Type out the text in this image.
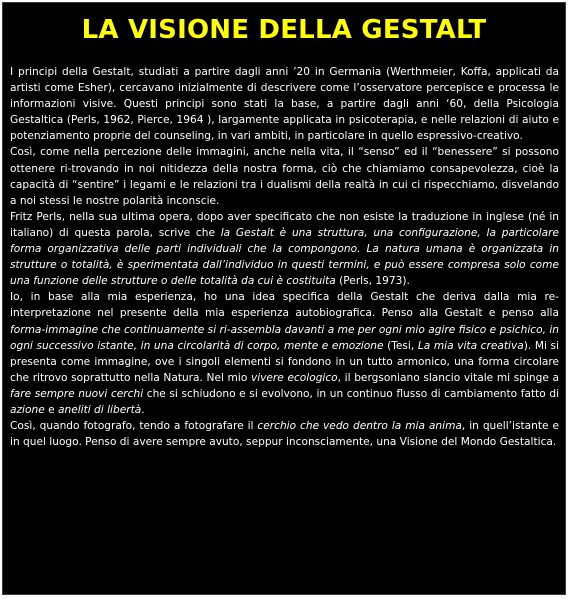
LA VISIONE DELLA GESTALT

I principi della Gestalt, studiati a partire dagli anni ’20 in Germania (Werthmeier, Koffa, applicati da artisti come Esher), cercavano inizialmente di descrivere come l’osservatore percepisce e processa le informazioni visive. Questi principi sono stati la base, a partire dagli anni ‘60, della Psicologia Gestaltica (Perls, 1962, Pierce, 1964 ), largamente applicata in psicoterapia, e nelle relazioni di aiuto e potenziamento proprie del counseling, in vari ambiti, in particolare in quello espressivo-creativo.

Così, come nella percezione delle immagini, anche nella vita, il “senso” ed il “benessere” si possono ottenere ri-trovando in noi nitidezza della nostra forma, ciò che chiamiamo consapevolezza, cioè la capacità di “sentire” i legami e le relazioni tra i dualismi della realtà in cui ci rispecchiamo, disvelando a noi stessi le nostre polarità inconscie.

Fritz Perls, nella sua ultima opera, dopo aver specificato che non esiste la traduzione in inglese (né in italiano) di questa parola, scrive che la Gestalt è una struttura, una configurazione, la particolare forma organizzativa delle parti individuali che la compongono. La natura umana è organizzata in strutture o totalità, è sperimentata dall’individuo in questi termini, e può essere compresa solo come una funzione delle strutture o delle totalità da cui è costituita (Perls, 1973).

Io, in base alla mia esperienza, ho una idea specifica della Gestalt che deriva dalla mia re-interpretazione nel presente della mia esperienza autobiografica. Penso alla Gestalt e penso alla forma-immagine che continuamente si ri-assembla davanti a me per ogni mio agire fisico e psichico, in ogni successivo istante, in una circolarità di corpo, mente e emozione (Tesi, La mia vita creativa). Mi si presenta come immagine, ove i singoli elementi si fondono in un tutto armonico, una forma circolare che ritrovo soprattutto nella Natura. Nel mio vivere ecologico, il bergsoniano slancio vitale mi spinge a fare sempre nuovi cerchi che si schiudono e si evolvono, in un continuo flusso di cambiamento fatto di azione e aneliti di libertà.

Così, quando fotografo, tendo a fotografare il cerchio che vedo dentro la mia anima, in quell’istante e in quel luogo. Penso di avere sempre avuto, seppur inconsciamente, una Visione del Mondo Gestaltica.
